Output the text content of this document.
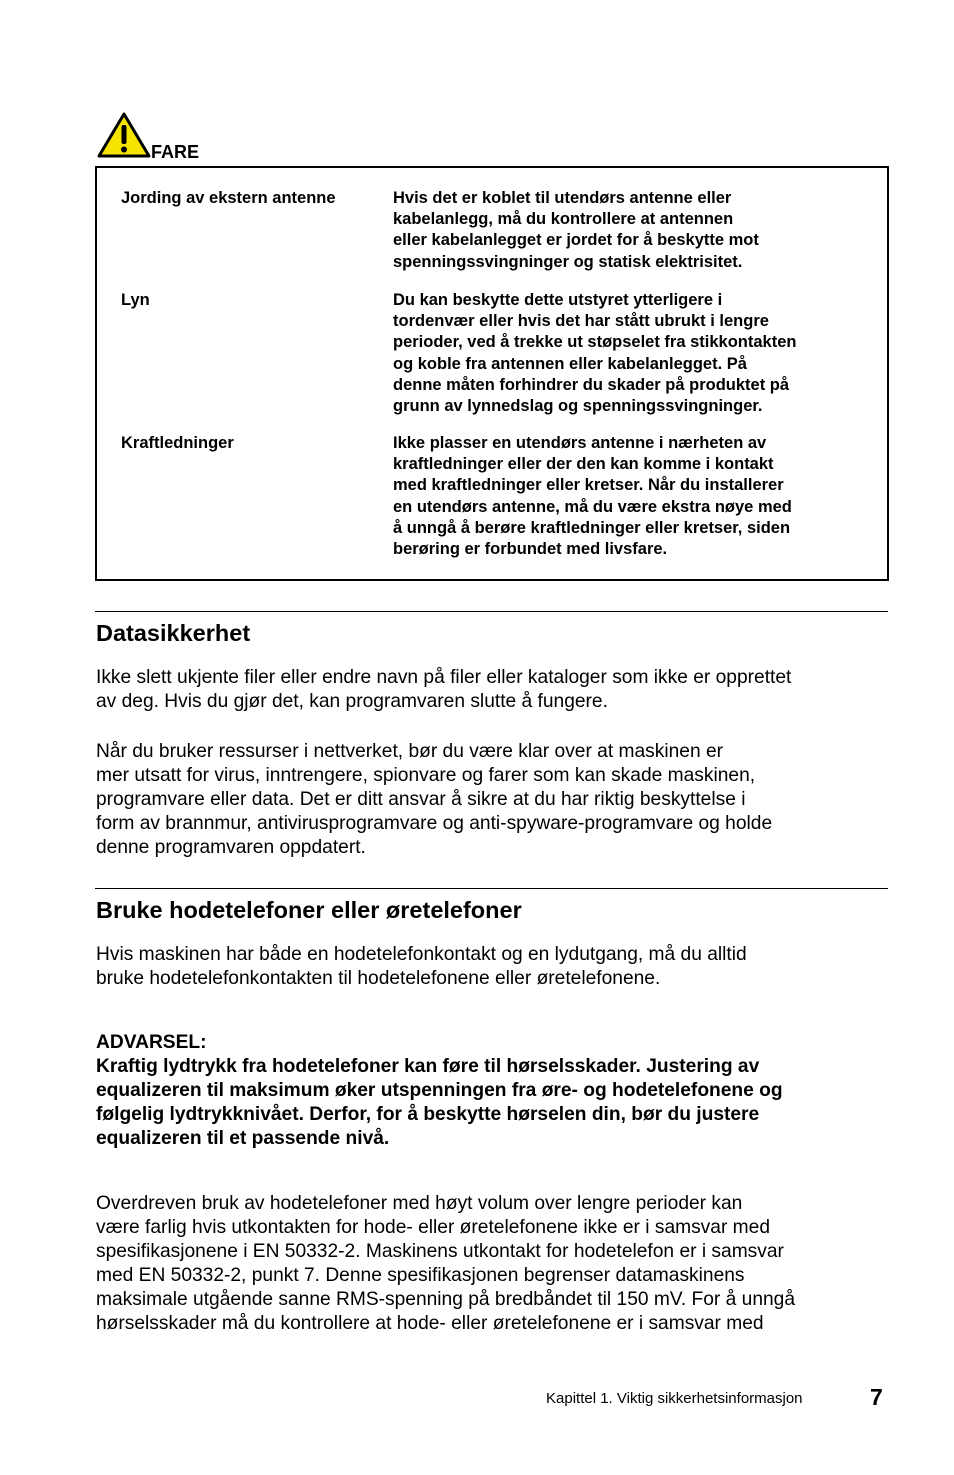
FARE
Jording av ekstern antenne	Hvis det er koblet til utendørs antenne eller
kabelanlegg, må du kontrollere at antennen
eller kabelanlegget er jordet for å beskytte mot
spenningssvingninger og statisk elektrisitet.
Lyn	Du kan beskytte dette utstyret ytterligere i
tordenvær eller hvis det har stått ubrukt i lengre
perioder, ved å trekke ut støpselet fra stikkontakten
og koble fra antennen eller kabelanlegget. På
denne måten forhindrer du skader på produktet på
grunn av lynnedslag og spenningssvingninger.
Kraftledninger	Ikke plasser en utendørs antenne i nærheten av
kraftledninger eller der den kan komme i kontakt
med kraftledninger eller kretser. Når du installerer
en utendørs antenne, må du være ekstra nøye med
å unngå å berøre kraftledninger eller kretser, siden
berøring er forbundet med livsfare.
Datasikkerhet
Ikke slett ukjente filer eller endre navn på filer eller kataloger som ikke er opprettet
av deg. Hvis du gjør det, kan programvaren slutte å fungere.
Når du bruker ressurser i nettverket, bør du være klar over at maskinen er
mer utsatt for virus, inntrengere, spionvare og farer som kan skade maskinen,
programvare eller data. Det er ditt ansvar å sikre at du har riktig beskyttelse i
form av brannmur, antivirusprogramvare og anti-spyware-programvare og holde
denne programvaren oppdatert.
Bruke hodetelefoner eller øretelefoner
Hvis maskinen har både en hodetelefonkontakt og en lydutgang, må du alltid
bruke hodetelefonkontakten til hodetelefonene eller øretelefonene.
ADVARSEL:
Kraftig lydtrykk fra hodetelefoner kan føre til hørselsskader. Justering av
equalizeren til maksimum øker utspenningen fra øre- og hodetelefonene og
følgelig lydtrykknivået. Derfor, for å beskytte hørselen din, bør du justere
equalizeren til et passende nivå.
Overdreven bruk av hodetelefoner med høyt volum over lengre perioder kan
være farlig hvis utkontakten for hode- eller øretelefonene ikke er i samsvar med
spesifikasjonene i EN 50332-2. Maskinens utkontakt for hodetelefon er i samsvar
med EN 50332-2, punkt 7. Denne spesifikasjonen begrenser datamaskinens
maksimale utgående sanne RMS-spenning på bredbåndet til 150 mV. For å unngå
hørselsskader må du kontrollere at hode- eller øretelefonene er i samsvar med
Kapittel 1. Viktig sikkerhetsinformasjon	7
